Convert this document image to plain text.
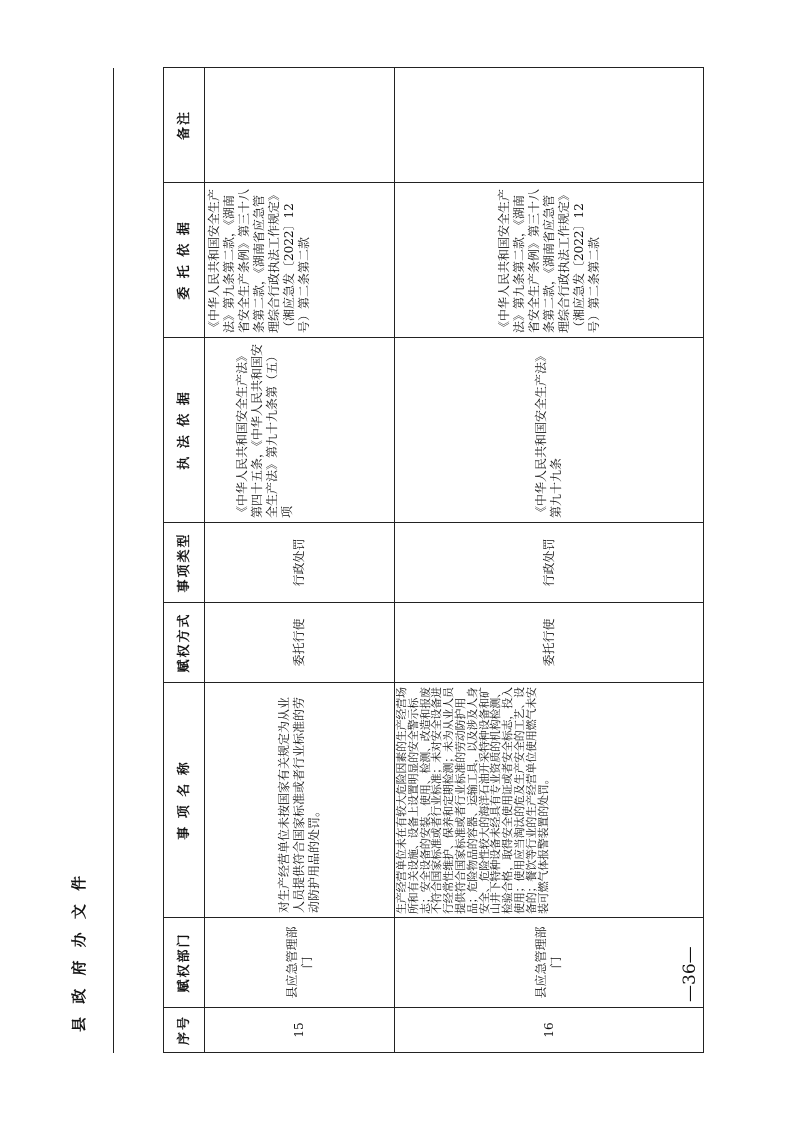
县 政 府 办 文 件	序号	赋权部门	事 项 名 称	赋权方式	事项类型	执 法 依 据	委 托 依 据	备注
15	县应急管理部门	对生产经营单位未按国家有关规定为从业人员提供符合国家标准或者行业标准的劳动防护用品的处罚。	委托行使	行政处罚	《中华人民共和国安全生产法》第四十五条，《中华人民共和国安全生产法》第九十九条第（五）项	《中华人民共和国安全生产法》第九条第二款，《湖南省安全生产条例》第三十八条第二款，《湖南省应急管理综合行政执法工作规定》（湘应急发〔2022〕12号）第二条第二款	
16	县应急管理部门	生产经营单位未在有较大危险因素的生产经营场所和有关设施、设备上设置明显的安全警示标志；安全设备的安装、使用、检测、改造和报废不符合国家标准或者行业标准；未对安全设备进行经常性维护、保养和定期检测；未为从业人员提供符合国家标准或者行业标准的劳动防护用品；危险物品的容器、运输工具，以及涉及人身安全、危险性较大的海洋石油开采特种设备和矿山井下特种设备未经具有专业资质的机构检测、检验合格，取得安全使用证或者安全标志，投入使用；使用应当淘汰的危及生产安全的工艺、设备的；餐饮等行业的生产经营单位使用燃气未安装可燃气体报警装置的处罚。	委托行使	行政处罚	《中华人民共和国安全生产法》第九十九条	《中华人民共和国安全生产法》第九条第二款，《湖南省安全生产条例》第三十八条第二款，《湖南省应急管理综合行政执法工作规定》（湘应急发〔2022〕12号）第二条第二款	
—36—
